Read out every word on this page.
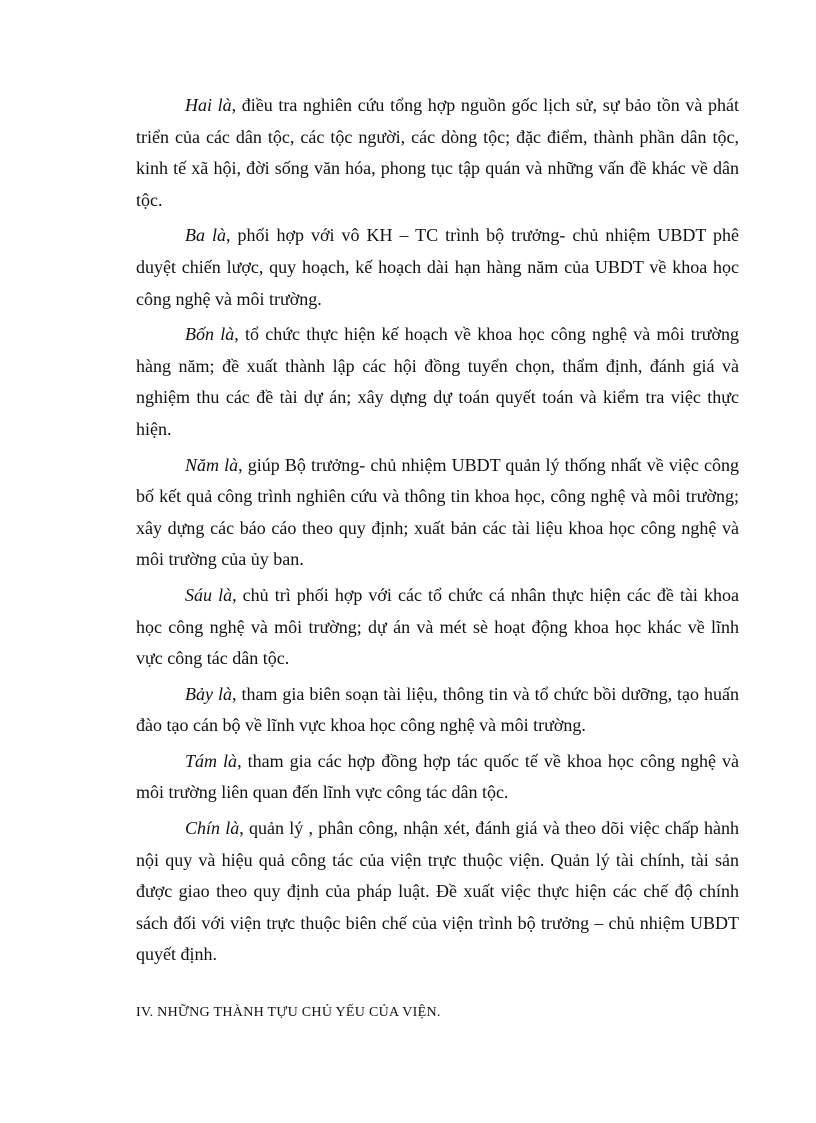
Hai là, điều tra nghiên cứu tổng hợp nguồn gốc lịch sử, sự bảo tồn và phát triển của các dân tộc, các tộc người, các dòng tộc; đặc điểm, thành phần dân tộc, kinh tế xã hội, đời sống văn hóa, phong tục tập quán và những vấn đề khác về dân tộc.

Ba là, phối hợp với vô KH – TC trình bộ trưởng- chủ nhiệm UBDT phê duyệt chiến lược, quy hoạch, kế hoạch dài hạn hàng năm của UBDT về khoa học công nghệ và môi trường.

Bốn là, tổ chức thực hiện kế hoạch về khoa học công nghệ và môi trường hàng năm; đề xuất thành lập các hội đồng tuyển chọn, thẩm định, đánh giá và nghiệm thu các đề tài dự án; xây dựng dự toán quyết toán và kiểm tra việc thực hiện.

Năm là, giúp Bộ trưởng- chủ nhiệm UBDT quản lý thống nhất về việc công bố kết quả công trình nghiên cứu và thông tin khoa học, công nghệ và môi trường; xây dựng các báo cáo theo quy định; xuất bản các tài liệu khoa học công nghệ và môi trường của ủy ban.

Sáu là, chủ trì phối hợp với các tổ chức cá nhân thực hiện các đề tài khoa học công nghệ và môi trường; dự án và mét sè hoạt động khoa học khác về lĩnh vực công tác dân tộc.

Bảy là, tham gia biên soạn tài liệu, thông tin và tổ chức bồi dưỡng, tạo huấn đào tạo cán bộ về lĩnh vực khoa học công nghệ và môi trường.

Tám là, tham gia các hợp đồng hợp tác quốc tế về khoa học công nghệ và môi trường liên quan đến lĩnh vực công tác dân tộc.

Chín là, quản lý , phân công, nhận xét, đánh giá và theo dõi việc chấp hành nội quy và hiệu quả công tác của viện trực thuộc viện. Quản lý tài chính, tài sản được giao theo quy định của pháp luật. Đề xuất việc thực hiện các chế độ chính sách đối với viện trực thuộc biên chế của viện trình bộ trưởng – chủ nhiệm UBDT quyết định.

IV. NHỮNG THÀNH TỰU CHỦ YẾU CỦA VIỆN.
